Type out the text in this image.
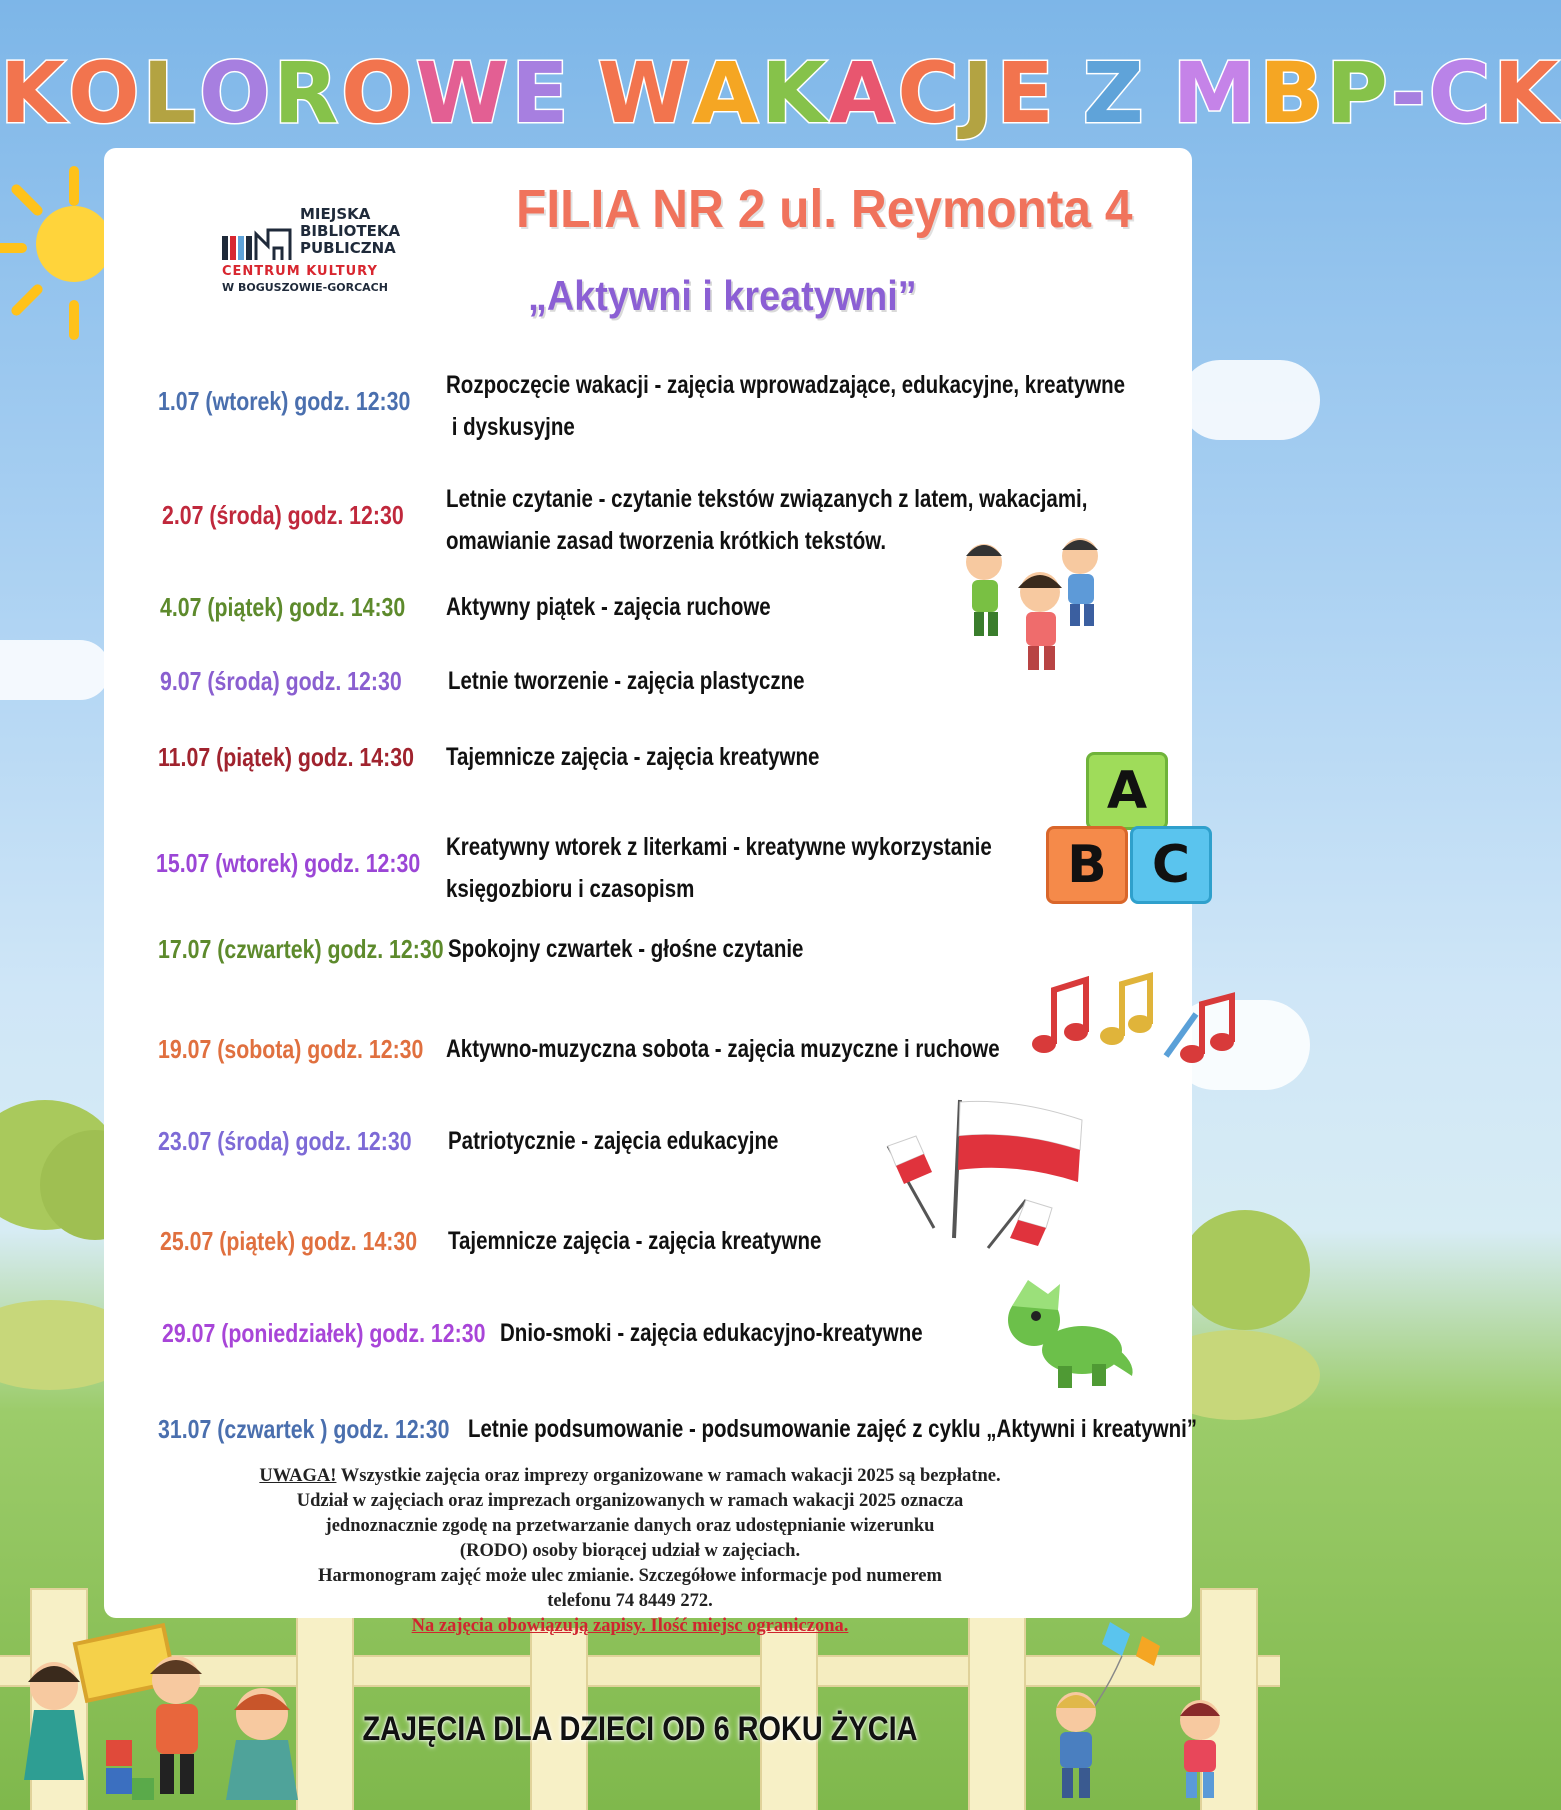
KOLOROWE WAKACJE Z MBP-CK
MIEJSKA
BIBLIOTEKA
PUBLICZNA
CENTRUM KULTURY
W BOGUSZOWIE-GORCACH
FILIA NR 2 ul. Reymonta 4
„Aktywni i kreatywni”
1.07 (wtorek) godz. 12:30
Rozpoczęcie wakacji - zajęcia wprowadzające, edukacyjne, kreatywne
i dyskusyjne
2.07 (środa) godz. 12:30
Letnie czytanie - czytanie tekstów związanych z latem, wakacjami,
omawianie zasad tworzenia krótkich tekstów.
4.07 (piątek) godz. 14:30 Aktywny piątek - zajęcia ruchowe
9.07 (środa) godz. 12:30 Letnie tworzenie - zajęcia plastyczne
11.07 (piątek) godz. 14:30 Tajemnicze zajęcia - zajęcia kreatywne
15.07 (wtorek) godz. 12:30
Kreatywny wtorek z literkami - kreatywne wykorzystanie
księgozbioru i czasopism
17.07 (czwartek) godz. 12:30 Spokojny czwartek - głośne czytanie
19.07 (sobota) godz. 12:30 Aktywno-muzyczna sobota - zajęcia muzyczne i ruchowe
23.07 (środa) godz. 12:30 Patriotycznie - zajęcia edukacyjne
25.07 (piątek) godz. 14:30 Tajemnicze zajęcia - zajęcia kreatywne
29.07 (poniedziałek) godz. 12:30 Dnio-smoki - zajęcia edukacyjno-kreatywne
31.07 (czwartek ) godz. 12:30 Letnie podsumowanie - podsumowanie zajęć z cyklu „Aktywni i kreatywni”
A
B C
UWAGA! Wszystkie zajęcia oraz imprezy organizowane w ramach wakacji 2025 są bezpłatne.
Udział w zajęciach oraz imprezach organizowanych w ramach wakacji 2025 oznacza
jednoznacznie zgodę na przetwarzanie danych oraz udostępnianie wizerunku
(RODO) osoby biorącej udział w zajęciach.
Harmonogram zajęć może ulec zmianie. Szczegółowe informacje pod numerem
telefonu 74 8449 272.
Na zajęcia obowiązują zapisy. Ilość miejsc ograniczona.
ZAJĘCIA DLA DZIECI OD 6 ROKU ŻYCIA
